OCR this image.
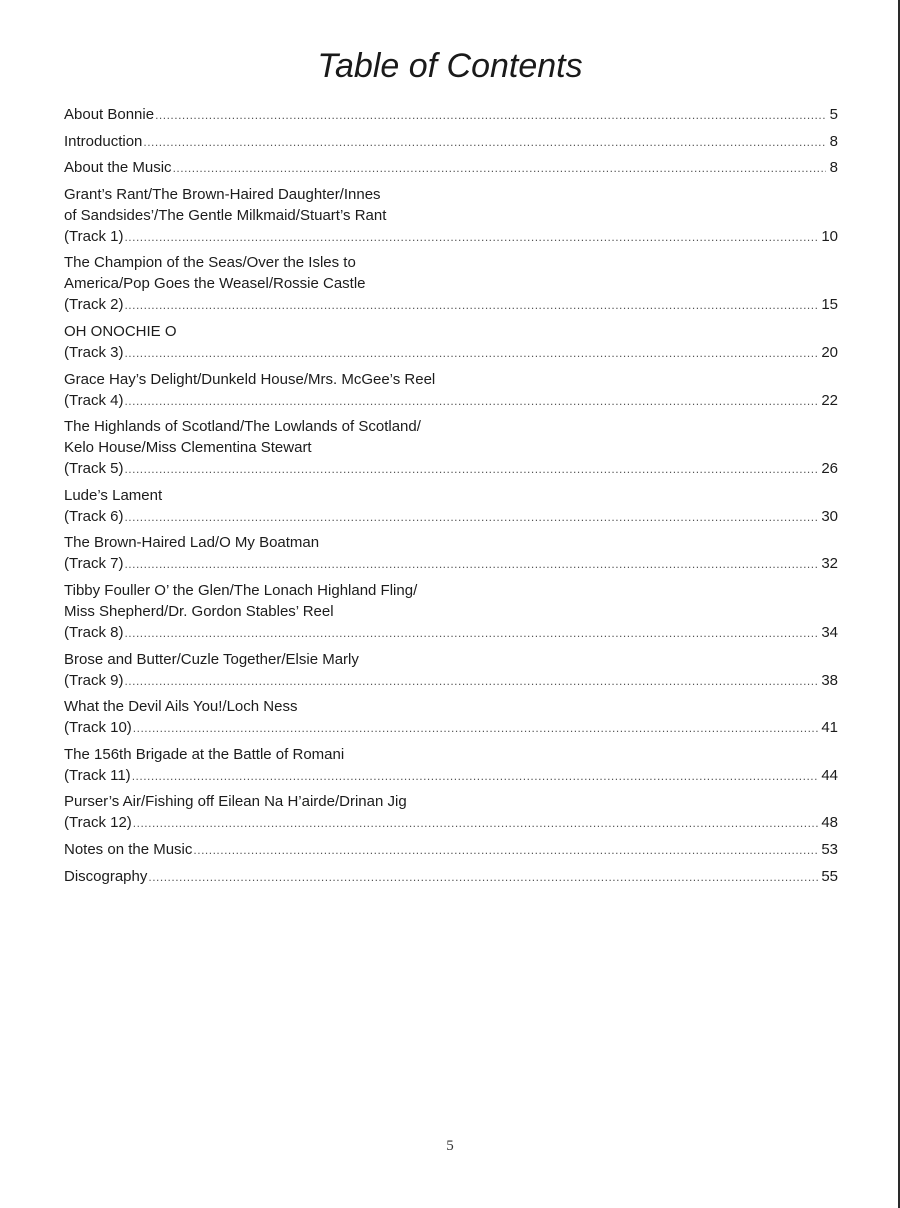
Table of Contents
About Bonnie .....	5
Introduction .....	8
About the Music .....	8
Grant’s Rant/The Brown-Haired Daughter/Innes
of Sandsides’/The Gentle Milkmaid/Stuart’s Rant
(Track 1) .....	10
The Champion of the Seas/Over the Isles to
America/Pop Goes the Weasel/Rossie Castle
(Track 2) .....	15
OH ONOCHIE O
(Track 3) .....	20
Grace Hay’s Delight/Dunkeld House/Mrs. McGee’s Reel
(Track 4) .....	22
The Highlands of Scotland/The Lowlands of Scotland/
Kelo House/Miss Clementina Stewart
(Track 5) .....	26
Lude’s Lament
(Track 6) .....	30
The Brown-Haired Lad/O My Boatman
(Track 7) .....	32
Tibby Fouller O’ the Glen/The Lonach Highland Fling/
Miss Shepherd/Dr. Gordon Stables’ Reel
(Track 8) .....	34
Brose and Butter/Cuzle Together/Elsie Marly
(Track 9) .....	38
What the Devil Ails You!/Loch Ness
(Track 10) .....	41
The 156th Brigade at the Battle of Romani
(Track 11) .....	44
Purser’s Air/Fishing off Eilean Na H’airde/Drinan Jig
(Track 12) .....	48
Notes on the Music .....	53
Discography .....	55
5
